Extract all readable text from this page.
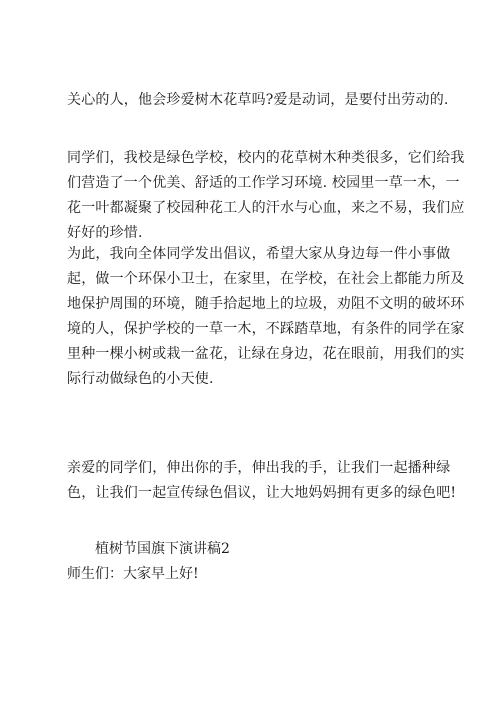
关心的人，他会珍爱树木花草吗?爱是动词，是要付出劳动的.
同学们，我校是绿色学校，校内的花草树木种类很多，它们给我
们营造了一个优美、舒适的工作学习环境. 校园里一草一木，一
花一叶都凝聚了校园种花工人的汗水与心血，来之不易，我们应
好好的珍惜.
为此，我向全体同学发出倡议，希望大家从身边每一件小事做
起，做一个环保小卫士，在家里，在学校，在社会上都能力所及
地保护周围的环境，随手拾起地上的垃圾，劝阻不文明的破坏环
境的人，保护学校的一草一木，不踩踏草地，有条件的同学在家
里种一棵小树或栽一盆花，让绿在身边，花在眼前，用我们的实
际行动做绿色的小天使.
亲爱的同学们，伸出你的手，伸出我的手，让我们一起播种绿
色，让我们一起宣传绿色倡议，让大地妈妈拥有更多的绿色吧!
植树节国旗下演讲稿2
师生们：大家早上好!
